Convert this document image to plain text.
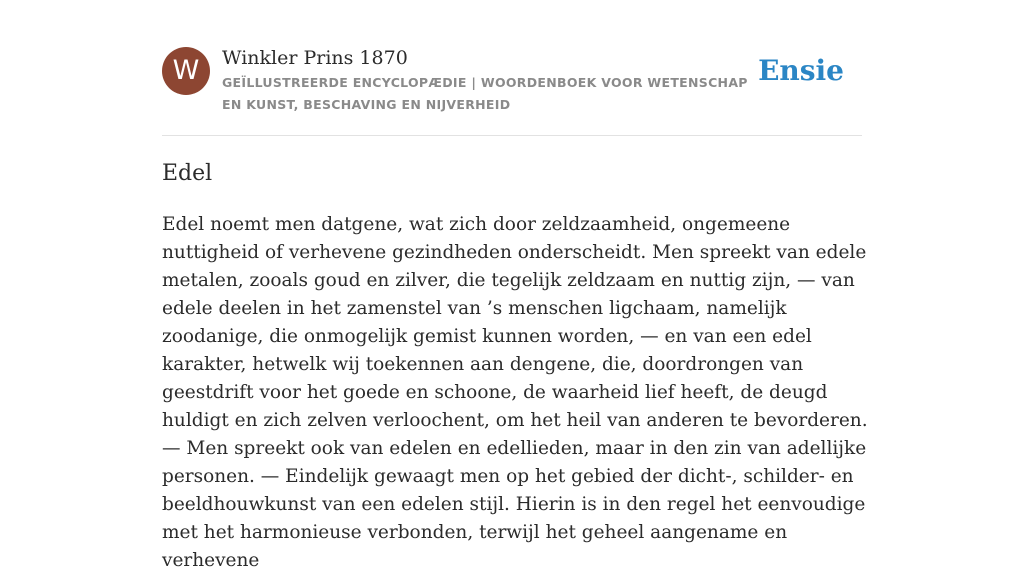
W	Winkler Prins 1870
GEÏLLUSTREERDE ENCYCLOPÆDIE | WOORDENBOEK VOOR WETENSCHAP EN KUNST, BESCHAVING EN NIJVERHEID
Ensie
Edel

Edel noemt men datgene, wat zich door zeldzaamheid, ongemeene nuttigheid of verhevene gezindheden onderscheidt. Men spreekt van edele metalen, zooals goud en zilver, die tegelijk zeldzaam en nuttig zijn, — van edele deelen in het zamenstel van ’s menschen ligchaam, namelijk zoodanige, die onmogelijk gemist kunnen worden, — en van een edel karakter, hetwelk wij toekennen aan dengene, die, doordrongen van geestdrift voor het goede en schoone, de waarheid lief heeft, de deugd huldigt en zich zelven verloochent, om het heil van anderen te bevorderen. — Men spreekt ook van edelen en edellieden, maar in den zin van adellijke personen. — Eindelijk gewaagt men op het gebied der dicht-, schilder- en beeldhouwkunst van een edelen stijl. Hierin is in den regel het eenvoudige met het harmonieuse verbonden, terwijl het geheel aangename en verhevene
